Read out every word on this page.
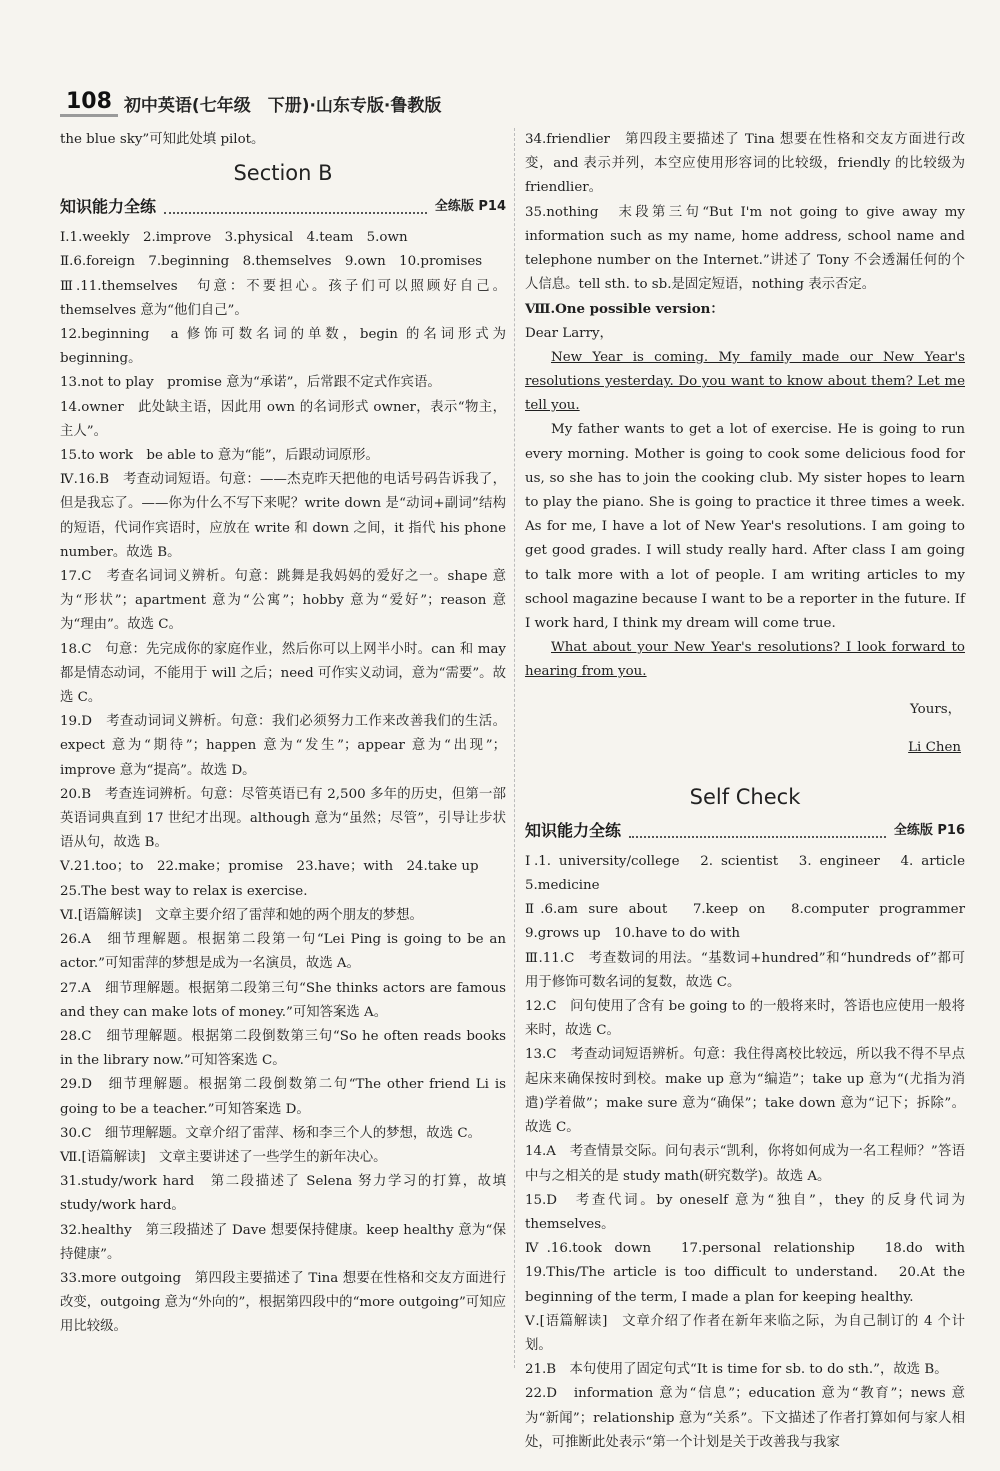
108 初中英语(七年级　下册)·山东专版·鲁教版

the blue sky”可知此处填 pilot。

Section B
知识能力全练	全练版 P14

Ⅰ.1.weekly　2.improve　3.physical　4.team　5.own

Ⅱ.6.foreign　7.beginning　8.themselves　9.own　10.promises

Ⅲ.11.themselves　句意：不要担心。孩子们可以照顾好自己。themselves 意为“他们自己”。

12.beginning　a 修饰可数名词的单数，begin 的名词形式为 beginning。

13.not to play　promise 意为“承诺”，后常跟不定式作宾语。

14.owner　此处缺主语，因此用 own 的名词形式 owner，表示“物主，主人”。

15.to work　be able to 意为“能”，后跟动词原形。

Ⅳ.16.B　考查动词短语。句意：——杰克昨天把他的电话号码告诉我了，但是我忘了。——你为什么不写下来呢？write down 是“动词+副词”结构的短语，代词作宾语时，应放在 write 和 down 之间，it 指代 his phone number。故选 B。

17.C　考查名词词义辨析。句意：跳舞是我妈妈的爱好之一。shape 意为“形状”；apartment 意为“公寓”；hobby 意为“爱好”；reason 意为“理由”。故选 C。

18.C　句意：先完成你的家庭作业，然后你可以上网半小时。can 和 may 都是情态动词，不能用于 will 之后；need 可作实义动词，意为“需要”。故选 C。

19.D　考查动词词义辨析。句意：我们必须努力工作来改善我们的生活。expect 意为“期待”；happen 意为“发生”；appear 意为“出现”；improve 意为“提高”。故选 D。

20.B　考查连词辨析。句意：尽管英语已有 2,500 多年的历史，但第一部英语词典直到 17 世纪才出现。although 意为“虽然；尽管”，引导让步状语从句，故选 B。

Ⅴ.21.too；to　22.make；promise　23.have；with　24.take up

25.The best way to relax is exercise.

Ⅵ.[语篇解读]　文章主要介绍了雷萍和她的两个朋友的梦想。

26.A　细节理解题。根据第二段第一句“Lei Ping is going to be an actor.”可知雷萍的梦想是成为一名演员，故选 A。

27.A　细节理解题。根据第二段第三句“She thinks actors are famous and they can make lots of money.”可知答案选 A。

28.C　细节理解题。根据第二段倒数第三句“So he often reads books in the library now.”可知答案选 C。

29.D　细节理解题。根据第二段倒数第二句“The other friend Li is going to be a teacher.”可知答案选 D。

30.C　细节理解题。文章介绍了雷萍、杨和李三个人的梦想，故选 C。

Ⅶ.[语篇解读]　文章主要讲述了一些学生的新年决心。

31.study/work hard　第二段描述了 Selena 努力学习的打算，故填 study/work hard。

32.healthy　第三段描述了 Dave 想要保持健康。keep healthy 意为“保持健康”。

33.more outgoing　第四段主要描述了 Tina 想要在性格和交友方面进行改变，outgoing 意为“外向的”，根据第四段中的“more outgoing”可知应用比较级。

34.friendlier　第四段主要描述了 Tina 想要在性格和交友方面进行改变，and 表示并列，本空应使用形容词的比较级，friendly 的比较级为 friendlier。

35.nothing　末段第三句“But I'm not going to give away my information such as my name, home address, school name and telephone number on the Internet.”讲述了 Tony 不会透漏任何的个人信息。tell sth. to sb.是固定短语，nothing 表示否定。

Ⅷ.One possible version：

Dear Larry，

New Year is coming. My family made our New Year's resolutions yesterday. Do you want to know about them? Let me tell you.

My father wants to get a lot of exercise. He is going to run every morning. Mother is going to cook some delicious food for us, so she has to join the cooking club. My sister hopes to learn to play the piano. She is going to practice it three times a week. As for me, I have a lot of New Year's resolutions. I am going to get good grades. I will study really hard. After class I am going to talk more with a lot of people. I am writing articles to my school magazine because I want to be a reporter in the future. If I work hard, I think my dream will come true.

What about your New Year's resolutions? I look forward to hearing from you.

Yours，

Li Chen

Self Check
知识能力全练	全练版 P16

Ⅰ.1. university/college　2. scientist　3. engineer　4. article　5.medicine

Ⅱ.6.am sure about　7.keep on　8.computer programmer　9.grows up　10.have to do with

Ⅲ.11.C　考查数词的用法。“基数词+hundred”和“hundreds of”都可用于修饰可数名词的复数，故选 C。

12.C　问句使用了含有 be going to 的一般将来时，答语也应使用一般将来时，故选 C。

13.C　考查动词短语辨析。句意：我住得离校比较远，所以我不得不早点起床来确保按时到校。make up 意为“编造”；take up 意为“(尤指为消遣)学着做”；make sure 意为“确保”；take down 意为“记下；拆除”。故选 C。

14.A　考查情景交际。问句表示“凯利，你将如何成为一名工程师？”答语中与之相关的是 study math(研究数学)。故选 A。

15.D　考查代词。by oneself 意为“独自”，they 的反身代词为 themselves。

Ⅳ.16.took down　17.personal relationship　18.do with　19.This/The article is too difficult to understand.　20.At the beginning of the term, I made a plan for keeping healthy.

Ⅴ.[语篇解读]　文章介绍了作者在新年来临之际，为自己制订的 4 个计划。

21.B　本句使用了固定句式“It is time for sb. to do sth.”，故选 B。

22.D　information 意为“信息”；education 意为“教育”；news 意为“新闻”；relationship 意为“关系”。下文描述了作者打算如何与家人相处，可推断此处表示“第一个计划是关于改善我与我家
